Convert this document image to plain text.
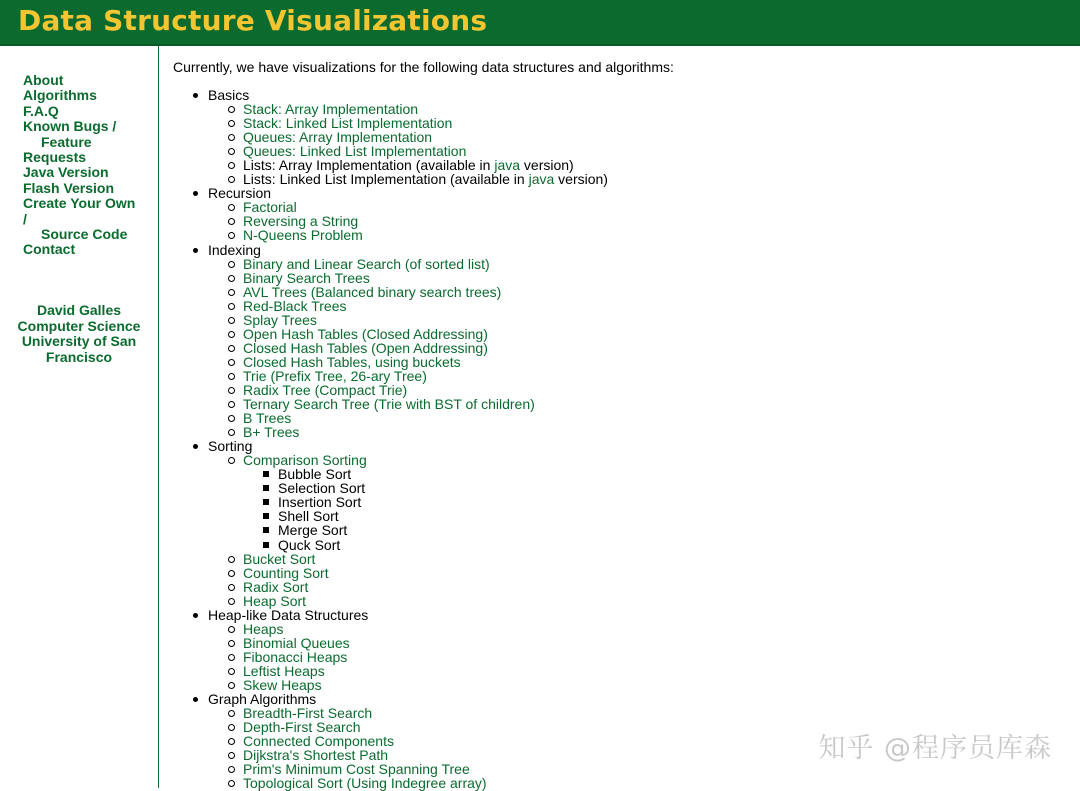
Data Structure Visualizations
About
Algorithms
F.A.Q
Known Bugs /
Feature
Requests
Java Version
Flash Version
Create Your Own
/
Source Code
Contact
David Galles
Computer Science
University of San
Francisco

Currently, we have visualizations for the following data structures and algorithms:

Basics
Stack: Array Implementation
Stack: Linked List Implementation
Queues: Array Implementation
Queues: Linked List Implementation
Lists: Array Implementation (available in java version)
Lists: Linked List Implementation (available in java version)
Recursion
Factorial
Reversing a String
N-Queens Problem
Indexing
Binary and Linear Search (of sorted list)
Binary Search Trees
AVL Trees (Balanced binary search trees)
Red-Black Trees
Splay Trees
Open Hash Tables (Closed Addressing)
Closed Hash Tables (Open Addressing)
Closed Hash Tables, using buckets
Trie (Prefix Tree, 26-ary Tree)
Radix Tree (Compact Trie)
Ternary Search Tree (Trie with BST of children)
B Trees
B+ Trees
Sorting
Comparison Sorting
Bubble Sort
Selection Sort
Insertion Sort
Shell Sort
Merge Sort
Quck Sort
Bucket Sort
Counting Sort
Radix Sort
Heap Sort
Heap-like Data Structures
Heaps
Binomial Queues
Fibonacci Heaps
Leftist Heaps
Skew Heaps
Graph Algorithms
Breadth-First Search
Depth-First Search
Connected Components
Dijkstra's Shortest Path
Prim's Minimum Cost Spanning Tree
Topological Sort (Using Indegree array)
知乎 @程序员库森
